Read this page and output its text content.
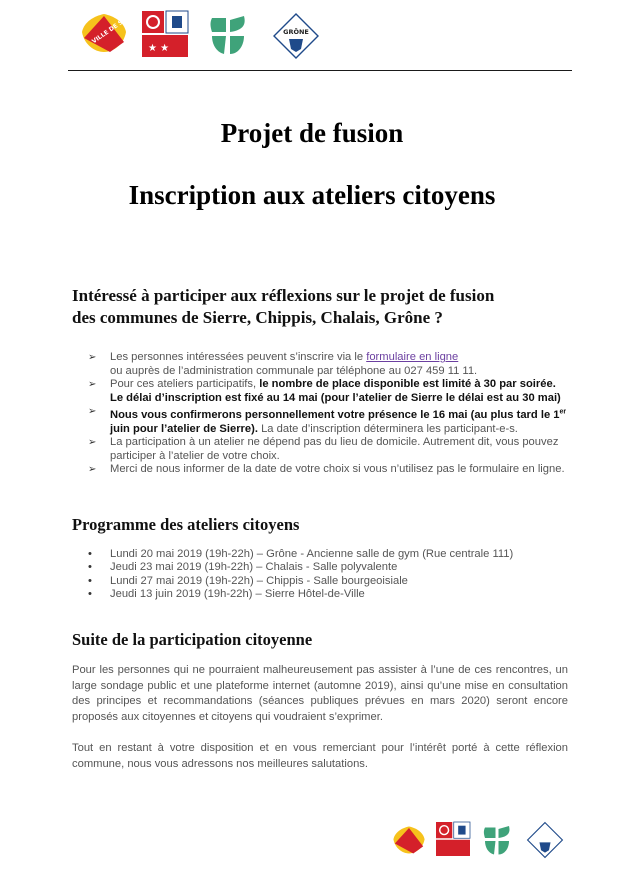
VILLE DE SIERRE
★ ★
GRÔNE
Projet de fusion
Inscription aux ateliers citoyens
Intéressé à participer aux réflexions sur le projet de fusion
des communes de Sierre, Chippis, Chalais, Grône ?
➢ Les personnes intéressées peuvent s’inscrire via le formulaire en ligne
ou auprès de l’administration communale par téléphone au 027 459 11 11.
➢ Pour ces ateliers participatifs, le nombre de place disponible est limité à 30 par soirée.
Le délai d’inscription est fixé au 14 mai (pour l’atelier de Sierre le délai est au 30 mai)
➢ Nous vous confirmerons personnellement votre présence le 16 mai (au plus tard le 1er juin pour l’atelier de Sierre). La date d’inscription déterminera les participant-e-s.
➢ La participation à un atelier ne dépend pas du lieu de domicile. Autrement dit, vous pouvez participer à l’atelier de votre choix.
➢ Merci de nous informer de la date de votre choix si vous n’utilisez pas le formulaire en ligne.
Programme des ateliers citoyens
• Lundi 20 mai 2019 (19h-22h) – Grône - Ancienne salle de gym (Rue centrale 111)
• Jeudi 23 mai 2019 (19h-22h) – Chalais - Salle polyvalente
• Lundi 27 mai 2019 (19h-22h) – Chippis - Salle bourgeoisiale
• Jeudi 13 juin 2019 (19h-22h) – Sierre Hôtel-de-Ville
Suite de la participation citoyenne
Pour les personnes qui ne pourraient malheureusement pas assister à l’une de ces rencontres, un large sondage public et une plateforme internet (automne 2019), ainsi qu’une mise en consultation des principes et recommandations (séances publiques prévues en mars 2020) seront encore proposés aux citoyennes et citoyens qui voudraient s’exprimer.
Tout en restant à votre disposition et en vous remerciant pour l’intérêt porté à cette réflexion commune, nous vous adressons nos meilleures salutations.
